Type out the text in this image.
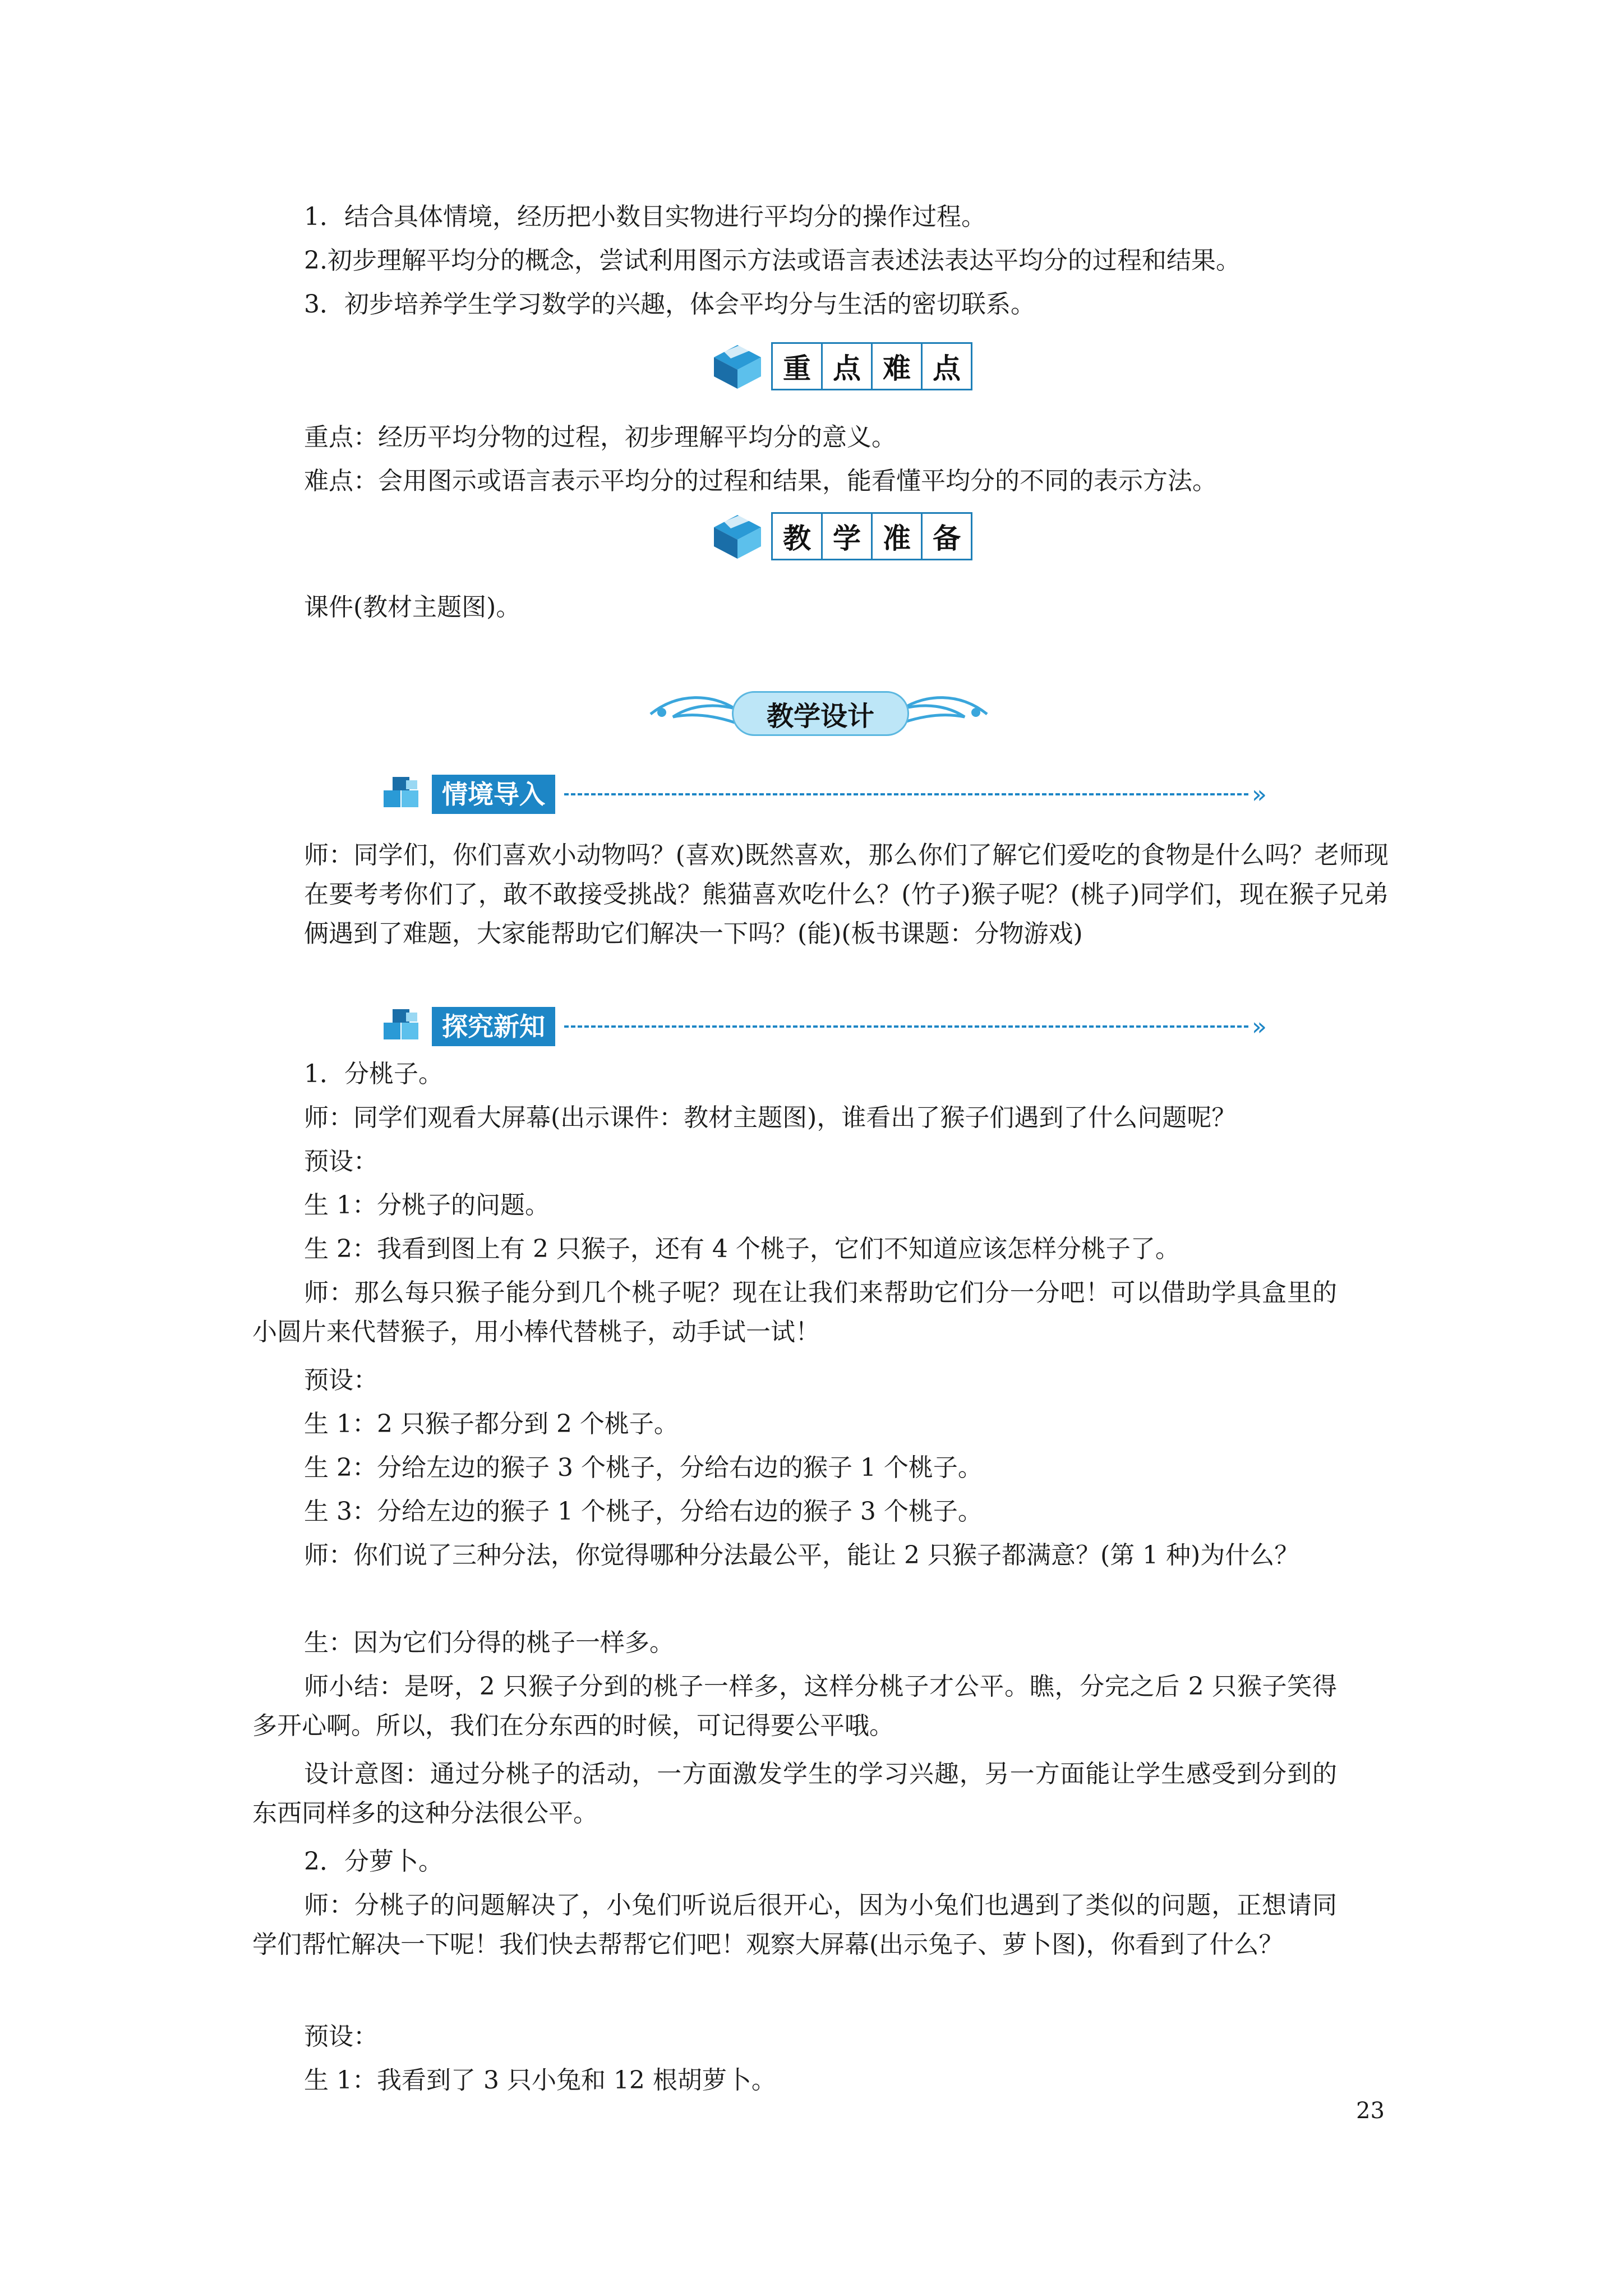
1．结合具体情境，经历把小数目实物进行平均分的操作过程。

2.初步理解平均分的概念，尝试利用图示方法或语言表述法表达平均分的过程和结果。

3．初步培养学生学习数学的兴趣，体会平均分与生活的密切联系。

重 点 难 点

重点：经历平均分物的过程，初步理解平均分的意义。

难点：会用图示或语言表示平均分的过程和结果，能看懂平均分的不同的表示方法。

教 学 准 备

课件(教材主题图)。

教学设计
情境导入	»

师：同学们，你们喜欢小动物吗？(喜欢)既然喜欢，那么你们了解它们爱吃的食物是什么吗？老师现在要考考你们了，敢不敢接受挑战？熊猫喜欢吃什么？(竹子)猴子呢？(桃子)同学们，现在猴子兄弟俩遇到了难题，大家能帮助它们解决一下吗？(能)(板书课题：分物游戏)

探究新知	»

1．分桃子。

师：同学们观看大屏幕(出示课件：教材主题图)，谁看出了猴子们遇到了什么问题呢？

预设：

生 1：分桃子的问题。

生 2：我看到图上有 2 只猴子，还有 4 个桃子，它们不知道应该怎样分桃子了。

师：那么每只猴子能分到几个桃子呢？现在让我们来帮助它们分一分吧！可以借助学具盒里的小圆片来代替猴子，用小棒代替桃子，动手试一试！

预设：

生 1：2 只猴子都分到 2 个桃子。

生 2：分给左边的猴子 3 个桃子，分给右边的猴子 1 个桃子。

生 3：分给左边的猴子 1 个桃子，分给右边的猴子 3 个桃子。

师：你们说了三种分法，你觉得哪种分法最公平，能让 2 只猴子都满意？(第 1 种)为什么？

生：因为它们分得的桃子一样多。

师小结：是呀，2 只猴子分到的桃子一样多，这样分桃子才公平。瞧，分完之后 2 只猴子笑得多开心啊。所以，我们在分东西的时候，可记得要公平哦。

设计意图：通过分桃子的活动，一方面激发学生的学习兴趣，另一方面能让学生感受到分到的东西同样多的这种分法很公平。

2．分萝卜。

师：分桃子的问题解决了，小兔们听说后很开心，因为小兔们也遇到了类似的问题，正想请同学们帮忙解决一下呢！我们快去帮帮它们吧！观察大屏幕(出示兔子、萝卜图)，你看到了什么？

预设：

生 1：我看到了 3 只小兔和 12 根胡萝卜。

23
